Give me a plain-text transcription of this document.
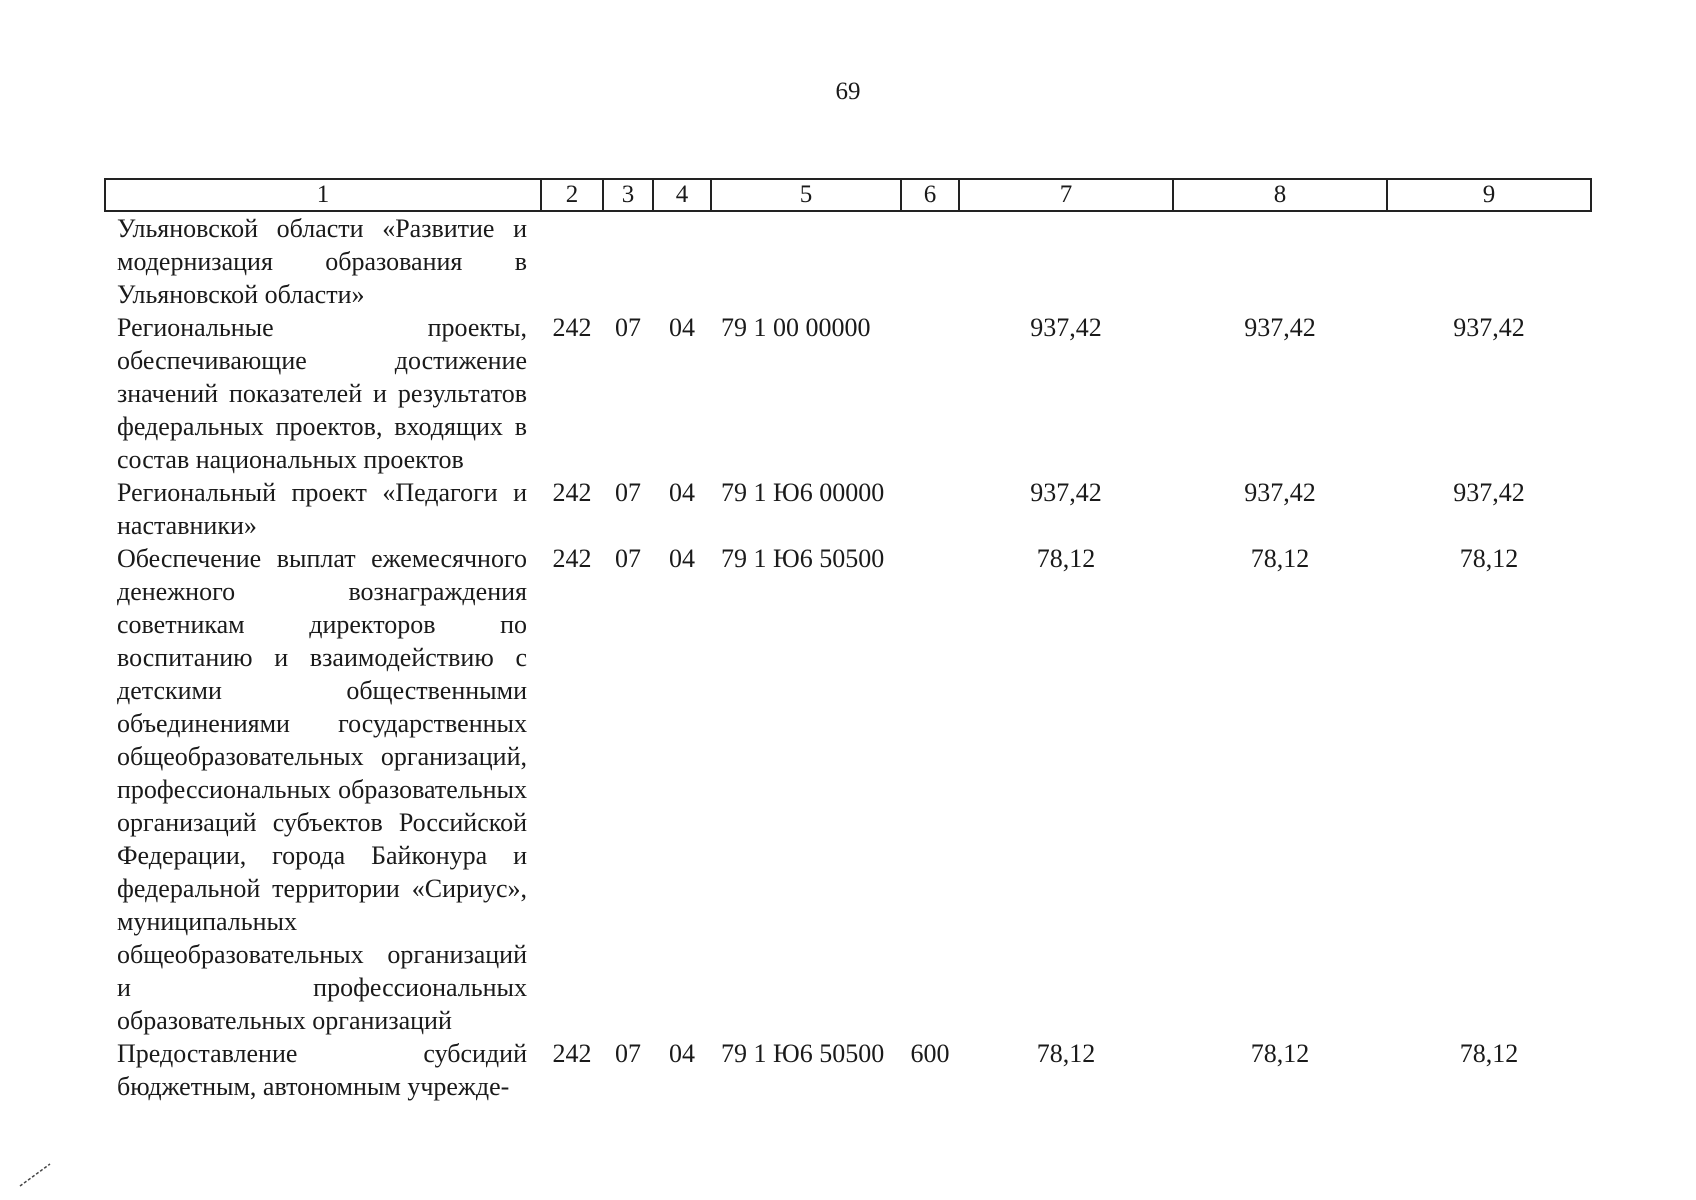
69
1	2	3	4	5	6	7	8	9
Ульяновской области «Развитие и модернизация образования в Ульяновской области»								
Региональные проекты, обеспечивающие достижение значений показателей и результатов федеральных проектов, входящих в состав национальных проектов	242	07	04	79 1 00 00000		937,42	937,42	937,42
Региональный проект «Педагоги и наставники»	242	07	04	79 1 Ю6 00000		937,42	937,42	937,42
Обеспечение выплат ежемесячного денежного вознаграждения советникам директоров по воспитанию и взаимодействию с детскими общественными объединениями государственных общеобразовательных организаций, профессиональных образовательных организаций субъектов Российской Федерации, города Байконура и федеральной территории «Сириус», муниципальных общеобразовательных организаций и профессиональных образовательных организаций	242	07	04	79 1 Ю6 50500		78,12	78,12	78,12
Предоставление субсидий бюджетным, автономным учрежде-	242	07	04	79 1 Ю6 50500	600	78,12	78,12	78,12
